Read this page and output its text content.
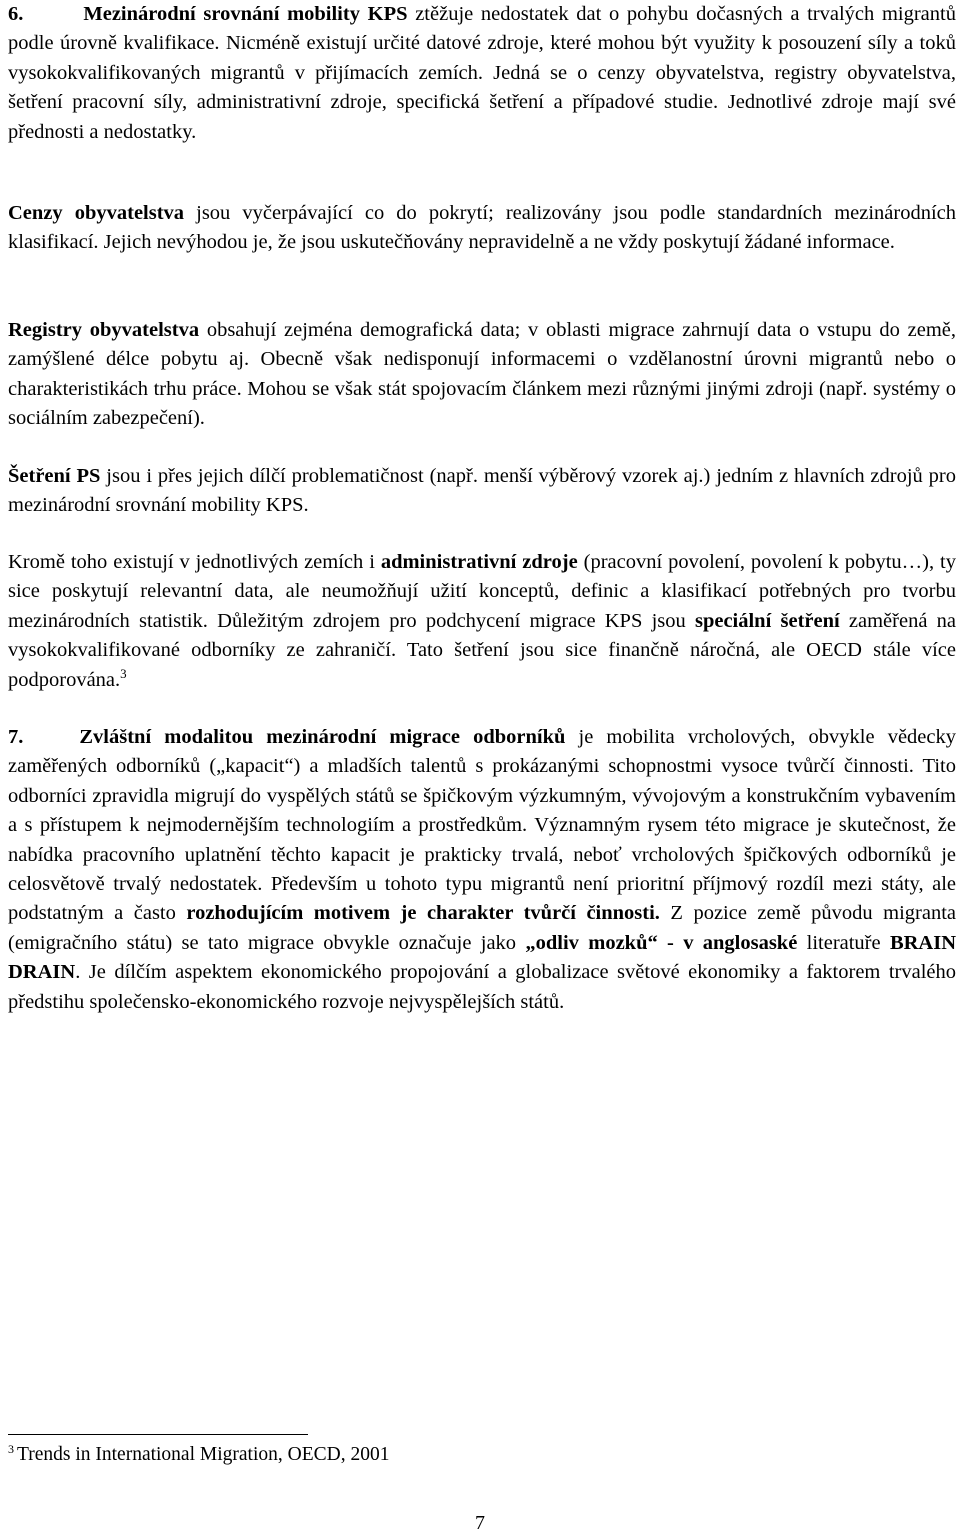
6.	Mezinárodní srovnání mobility KPS ztěžuje nedostatek dat o pohybu dočasných a trvalých migrantů podle úrovně kvalifikace. Nicméně existují určité datové zdroje, které mohou být využity k posouzení síly a toků vysokokvalifikovaných migrantů v přijímacích zemích. Jedná se o cenzy obyvatelstva, registry obyvatelstva, šetření pracovní síly, administrativní zdroje, specifická šetření a případové studie. Jednotlivé zdroje mají své přednosti a nedostatky.

Cenzy obyvatelstva jsou vyčerpávající co do pokrytí; realizovány jsou podle standardních mezinárodních klasifikací. Jejich nevýhodou je, že jsou uskutečňovány nepravidelně a ne vždy poskytují žádané informace.

Registry obyvatelstva obsahují zejména demografická data; v oblasti migrace zahrnují data o vstupu do země, zamýšlené délce pobytu aj. Obecně však nedisponují informacemi o vzdělanostní úrovni migrantů nebo o charakteristikách trhu práce. Mohou se však stát spojovacím článkem mezi různými jinými zdroji (např. systémy o sociálním zabezpečení).

Šetření PS jsou i přes jejich dílčí problematičnost (např. menší výběrový vzorek aj.) jedním z hlavních zdrojů pro mezinárodní srovnání mobility KPS.

Kromě toho existují v jednotlivých zemích i administrativní zdroje (pracovní povolení, povolení k pobytu…), ty sice poskytují relevantní data, ale neumožňují užití konceptů, definic a klasifikací potřebných pro tvorbu mezinárodních statistik. Důležitým zdrojem pro podchycení migrace KPS jsou speciální šetření zaměřená na vysokokvalifikované odborníky ze zahraničí. Tato šetření jsou sice finančně náročná, ale OECD stále více podporována.$^3$

7.	Zvláštní modalitou mezinárodní migrace odborníků je mobilita vrcholových, obvykle vědecky zaměřených odborníků („kapacit“) a mladších talentů s prokázanými schopnostmi vysoce tvůrčí činnosti. Tito odborníci zpravidla migrují do vyspělých států se špičkovým výzkumným, vývojovým a konstrukčním vybavením a s přístupem k nejmodernějším technologiím a prostředkům. Významným rysem této migrace je skutečnost, že nabídka pracovního uplatnění těchto kapacit je prakticky trvalá, neboť vrcholových špičkových odborníků je celosvětově trvalý nedostatek. Především u tohoto typu migrantů není prioritní příjmový rozdíl mezi státy, ale podstatným a často rozhodujícím motivem je charakter tvůrčí činnosti. Z pozice země původu migranta (emigračního státu) se tato migrace obvykle označuje jako „odliv mozků“ - v anglosaské literatuře BRAIN DRAIN. Je dílčím aspektem ekonomického propojování a globalizace světové ekonomiky a faktorem trvalého předstihu společensko-ekonomického rozvoje nejvyspělejších států.

$^3$ Trends in International Migration, OECD, 2001
7
